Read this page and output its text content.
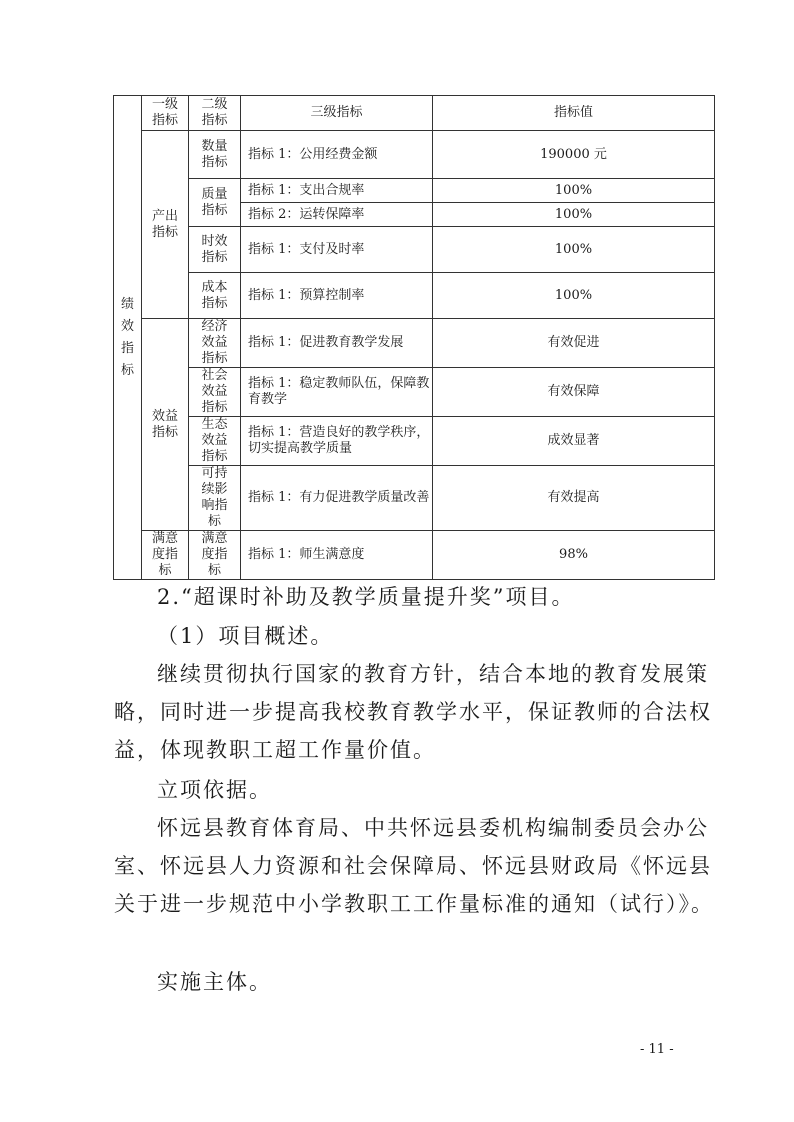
绩效指标	一级指标	二级指标	三级指标	指标值

	产出指标	数量指标	指标 1：公用经费金额	190000 元

		质量指标	指标 1：支出合规率	100%
			指标 2：运转保障率	100%

		时效指标	指标 1：支付及时率	100%

		成本指标	指标 1：预算控制率	100%

	效益指标	经济效益指标	指标 1：促进教育教学发展	有效促进

		社会效益指标	指标 1：稳定教师队伍，保障教育教学	有效保障

		生态效益指标	指标 1：营造良好的教学秩序，切实提高教学质量	成效显著

		可持续影响指标	指标 1：有力促进教学质量改善	有效提高

	满意度指标	满意度指标	指标 1：师生满意度	98%
2.“超课时补助及教学质量提升奖”项目。
（1）项目概述。
继续贯彻执行国家的教育方针，结合本地的教育发展策略，同时进一步提高我校教育教学水平，保证教师的合法权益，体现教职工超工作量价值。
立项依据。
怀远县教育体育局、中共怀远县委机构编制委员会办公室、怀远县人力资源和社会保障局、怀远县财政局《怀远县关于进一步规范中小学教职工工作量标准的通知（试行）》。
实施主体。
- 11 -
